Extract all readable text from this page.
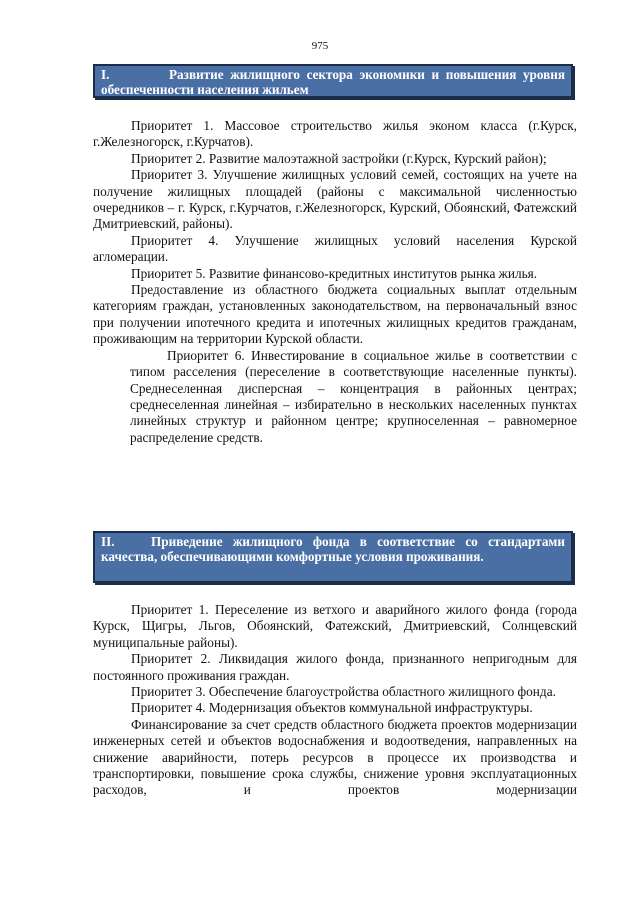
975
I.	Развитие жилищного сектора экономики и повышения уровня обеспеченности населения жильем

Приоритет 1. Массовое строительство жилья эконом класса (г.Курск, г.Железногорск, г.Курчатов).

Приоритет 2. Развитие малоэтажной застройки (г.Курск, Курский район);

Приоритет 3. Улучшение жилищных условий семей, состоящих на учете на получение жилищных площадей (районы с максимальной численностью очередников – г. Курск, г.Курчатов, г.Железногорск, Курский, Обоянский, Фатежский Дмитриевский, районы).

Приоритет 4. Улучшение жилищных условий населения Курской агломерации.

Приоритет 5. Развитие финансово-кредитных институтов рынка жилья.

Предоставление из областного бюджета социальных выплат отдельным категориям граждан, установленных законодательством, на первоначальный взнос при получении ипотечного кредита и ипотечных жилищных кредитов гражданам, проживающим на территории Курской области.

Приоритет 6. Инвестирование в социальное жилье в соответствии с типом расселения (переселение в соответствующие населенные пункты). Среднеселенная дисперсная – концентрация в районных центрах; среднеселенная линейная – избирательно в нескольких населенных пунктах линейных структур и районном центре; крупноселенная – равномерное распределение средств.

II.	Приведение жилищного фонда в соответствие со стандартами качества, обеспечивающими комфортные условия проживания.

Приоритет 1. Переселение из ветхого и аварийного жилого фонда (города Курск, Щигры, Льгов, Обоянский, Фатежский, Дмитриевский, Солнцевский муниципальные районы).

Приоритет 2. Ликвидация жилого фонда, признанного непригодным для постоянного проживания граждан.

Приоритет 3. Обеспечение благоустройства областного жилищного фонда.

Приоритет 4. Модернизация объектов коммунальной инфраструктуры.

Финансирование за счет средств областного бюджета проектов модернизации инженерных сетей и объектов водоснабжения и водоотведения, направленных на снижение аварийности, потерь ресурсов в процессе их производства и транспортировки, повышение срока службы, снижение уровня эксплуатационных расходов, и проектов модернизации
